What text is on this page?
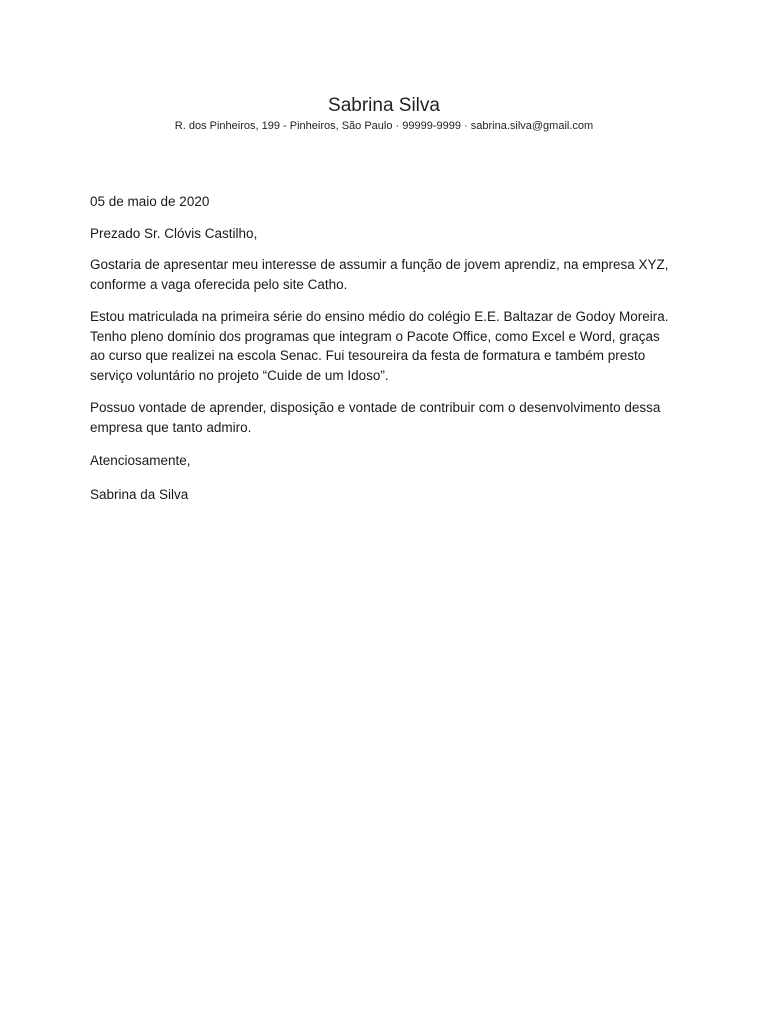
Sabrina Silva
R. dos Pinheiros, 199 - Pinheiros, São Paulo · 99999-9999 · sabrina.silva@gmail.com

05 de maio de 2020

Prezado Sr. Clóvis Castilho,

Gostaria de apresentar meu interesse de assumir a função de jovem aprendiz, na empresa XYZ,
conforme a vaga oferecida pelo site Catho.

Estou matriculada na primeira série do ensino médio do colégio E.E. Baltazar de Godoy Moreira.
Tenho pleno domínio dos programas que integram o Pacote Office, como Excel e Word, graças
ao curso que realizei na escola Senac. Fui tesoureira da festa de formatura e também presto
serviço voluntário no projeto “Cuide de um Idoso”.

Possuo vontade de aprender, disposição e vontade de contribuir com o desenvolvimento dessa
empresa que tanto admiro.

Atenciosamente,

Sabrina da Silva
